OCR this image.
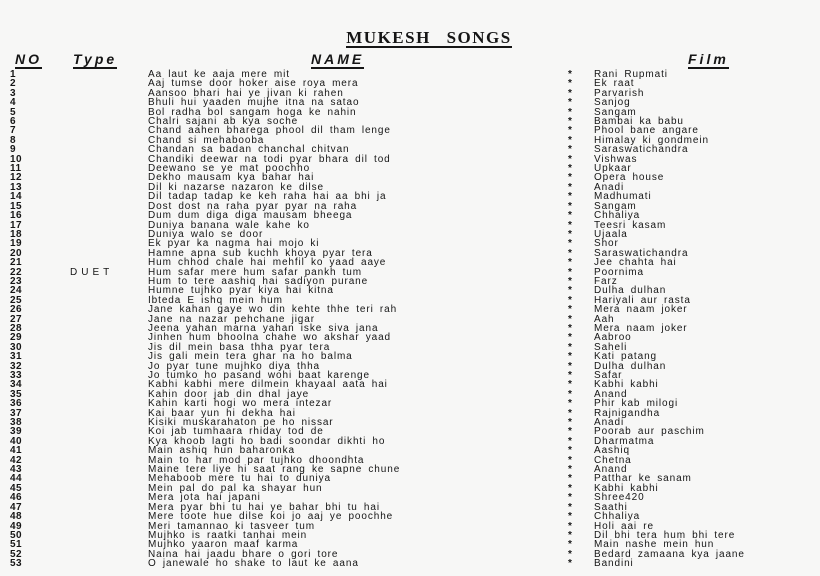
MUKESH SONGS
NO Type	NAME	Film
1	Aa laut ke aaja mere mit	*	Rani Rupmati
2	Aaj tumse door hoker aise roya mera	*	Ek raat
3	Aansoo bhari hai ye jivan ki rahen	*	Parvarish
4	Bhuli hui yaaden mujhe itna na satao	*	Sanjog
5	Bol radha bol sangam hoga ke nahin	*	Sangam
6	Chalri sajani ab kya soche	*	Bambai ka babu
7	Chand aahen bharega phool dil tham lenge	*	Phool bane angare
8	Chand si mehabooba	*	Himalay ki gondmein
9	Chandan sa badan chanchal chitvan	*	Saraswatichandra
10	Chandiki deewar na todi pyar bhara dil tod	*	Vishwas
11	Deewano se ye mat poochho	*	Upkaar
12	Dekho mausam kya bahar hai	*	Opera house
13	Dil ki nazarse nazaron ke dilse	*	Anadi
14	Dil tadap tadap ke keh raha hai aa bhi ja	*	Madhumati
15	Dost dost na raha pyar pyar na raha	*	Sangam
16	Dum dum diga diga mausam bheega	*	Chhaliya
17	Duniya banana wale kahe ko	*	Teesri kasam
18	Duniya walo se door	*	Ujaala
19	Ek pyar ka nagma hai mojo ki	*	Shor
20	Hamne apna sub kuchh khoya pyar tera	*	Saraswatichandra
21	Hum chhod chale hai mehfil ko yaad aaye	*	Jee chahta hai
22	DUET	Hum safar mere hum safar pankh tum	*	Poornima
23	Hum to tere aashiq hai sadiyon purane	*	Farz
24	Humne tujhko pyar kiya hai kitna	*	Dulha dulhan
25	Ibteda E ishq mein hum	*	Hariyali aur rasta
26	Jane kahan gaye wo din kehte thhe teri rah	*	Mera naam joker
27	Jane na nazar pehchane jigar	*	Aah
28	Jeena yahan marna yahan iske siva jana	*	Mera naam joker
29	Jinhen hum bhoolna chahe wo akshar yaad	*	Aabroo
30	Jis dil mein basa thha pyar tera	*	Saheli
31	Jis gali mein tera ghar na ho balma	*	Kati patang
32	Jo pyar tune mujhko diya thha	*	Dulha dulhan
33	Jo tumko ho pasand wohi baat karenge	*	Safar
34	Kabhi kabhi mere dilmein khayaal aata hai	*	Kabhi kabhi
35	Kahin door jab din dhal jaye	*	Anand
36	Kahin karti hogi wo mera intezar	*	Phir kab milogi
37	Kai baar yun hi dekha hai	*	Rajnigandha
38	Kisiki muskarahaton pe ho nissar	*	Anadi
39	Koi jab tumhaara rhiday tod de	*	Poorab aur paschim
40	Kya khoob lagti ho badi soondar dikhti ho	*	Dharmatma
41	Main ashiq hun baharonka	*	Aashiq
42	Main to har mod par tujhko dhoondhta	*	Chetna
43	Maine tere liye hi saat rang ke sapne chune	*	Anand
44	Mehaboob mere tu hai to duniya	*	Patthar ke sanam
45	Mein pal do pal ka shayar hun	*	Kabhi kabhi
46	Mera jota hai japani	*	Shree420
47	Mera pyar bhi tu hai ye bahar bhi tu hai	*	Saathi
48	Mere toote hue dilse koi jo aaj ye poochhe	*	Chhaliya
49	Meri tamannao ki tasveer tum	*	Holi aai re
50	Mujhko is raatki tanhai mein	*	Dil bhi tera hum bhi tere
51	Mujhko yaaron maaf karma	*	Main nashe mein hun
52	Naina hai jaadu bhare o gori tore	*	Bedard zamaana kya jaane
53	O janewale ho shake to laut ke aana	*	Bandini
